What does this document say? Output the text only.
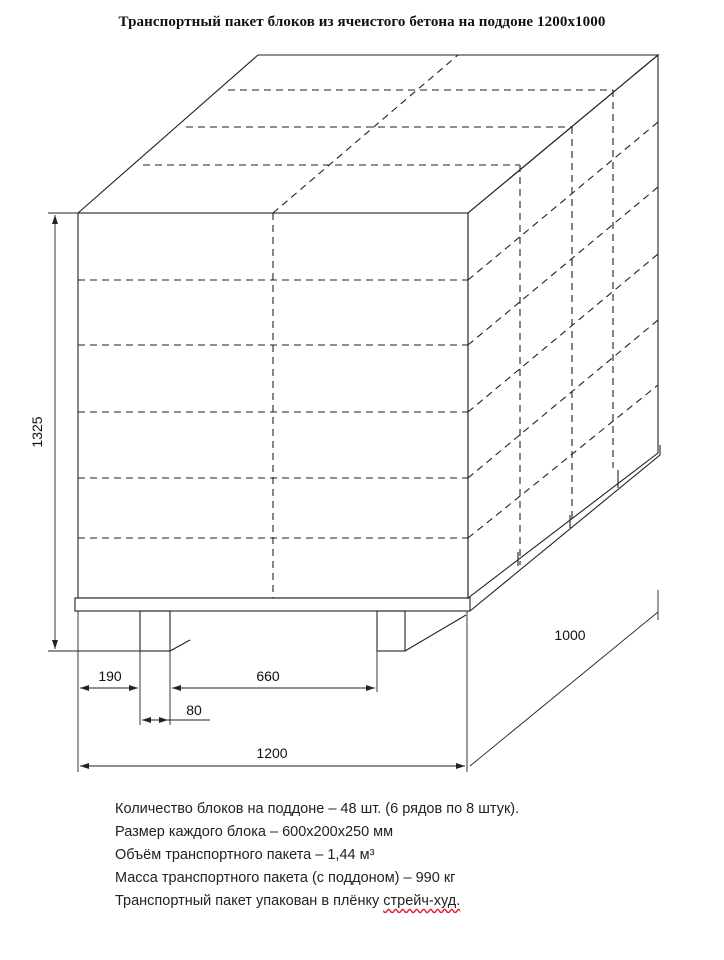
1325
190	660
80
1200
1000
Транспортный пакет блоков из ячеистого бетона на поддоне 1200х1000
Количество блоков на поддоне – 48 шт. (6 рядов по 8 штук).
Размер каждого блока – 600х200х250 мм
Объём транспортного пакета – 1,44 м³
Масса транспортного пакета (с поддоном) – 990 кг
Транспортный пакет упакован в плёнку стрейч-худ.
